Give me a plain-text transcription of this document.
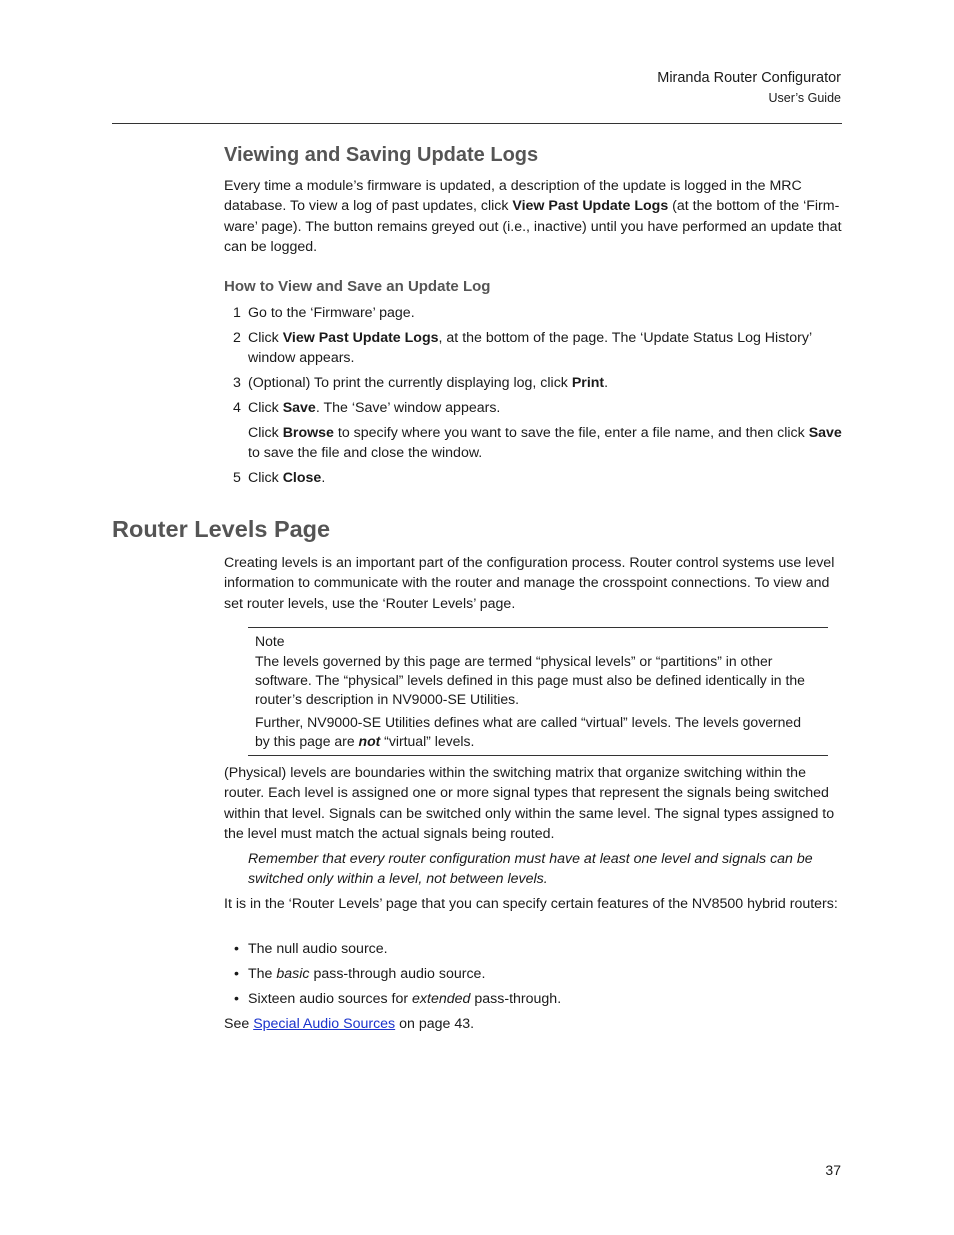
Miranda Router Configurator
User’s Guide
Viewing and Saving Update Logs

Every time a module’s firmware is updated, a description of the update is logged in the MRC database. To view a log of past updates, click View Past Update Logs (at the bottom of the ‘Firm-ware’ page). The button remains greyed out (i.e., inactive) until you have performed an update that can be logged.

How to View and Save an Update Log
1 Go to the ‘Firmware’ page.
2 Click View Past Update Logs, at the bottom of the page. The ‘Update Status Log History’ window appears.
3 (Optional) To print the currently displaying log, click Print.
4 Click Save. The ‘Save’ window appears.
Click Browse to specify where you want to save the file, enter a file name, and then click Save to save the file and close the window.
5 Click Close.
Router Levels Page

Creating levels is an important part of the configuration process. Router control systems use level information to communicate with the router and manage the crosspoint connections. To view and set router levels, use the ‘Router Levels’ page.

Note
The levels governed by this page are termed “physical levels” or “partitions” in other software. The “physical” levels defined in this page must also be defined identically in the router’s description in NV9000-SE Utilities.
Further, NV9000-SE Utilities defines what are called “virtual” levels. The levels governed by this page are not “virtual” levels.

(Physical) levels are boundaries within the switching matrix that organize switching within the router. Each level is assigned one or more signal types that represent the signals being switched within that level. Signals can be switched only within the same level. The signal types assigned to the level must match the actual signals being routed.

Remember that every router configuration must have at least one level and signals can be switched only within a level, not between levels.

It is in the ‘Router Levels’ page that you can specify certain features of the NV8500 hybrid routers:

• The null audio source.
• The basic pass-through audio source.
• Sixteen audio sources for extended pass-through.

See Special Audio Sources on page 43.

37
